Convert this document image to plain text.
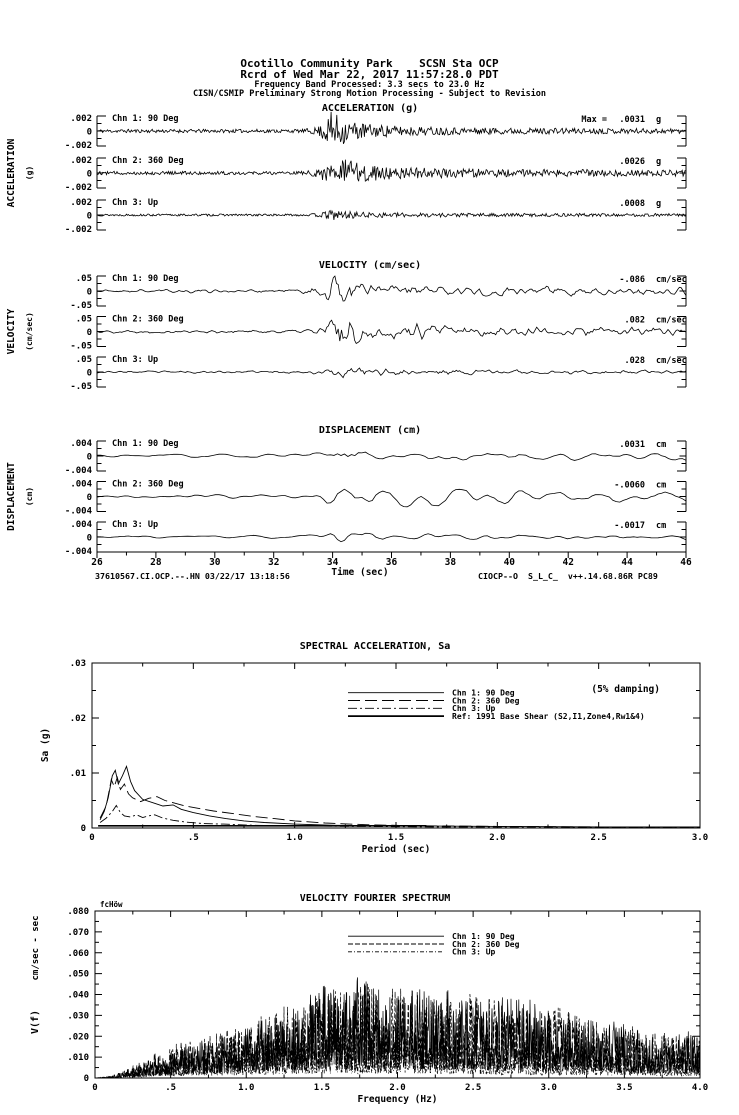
Ocotillo Community Park    SCSN Sta OCP
Rcrd of Wed Mar 22, 2017 11:57:28.0 PDT
Frequency Band Processed: 3.3 secs to 23.0 Hz
CISN/CSMIP Preliminary Strong Motion Processing - Subject to Revision
ACCELERATION (g)
ACCELERATION (g)
.002
0
-.002
Chn 1: 90 Deg	Max = .0031 g
.002
0
-.002
Chn 2: 360 Deg	.0026 g
.002
0
-.002
Chn 3: Up	.0008 g
VELOCITY (cm/sec)
VELOCITY (cm/sec)
.05
0
-.05
Chn 1: 90 Deg	-.086 cm/sec
.05
0
-.05
Chn 2: 360 Deg	.082 cm/sec
.05
0
-.05
Chn 3: Up	.028 cm/sec
DISPLACEMENT (cm)
DISPLACEMENT (cm)
.004
0
-.004
Chn 1: 90 Deg	.0031 cm
.004
0
-.004
Chn 2: 360 Deg	-.0060 cm
.004
0
-.004
Chn 3: Up	-.0017 cm
26	28	30	32	34	36	38	40	42	44	46
Time (sec)
37610567.CI.OCP.--.HN 03/22/17 13:18:56	CIOCP--O  S_L_C_  v++.14.68.86R PC89
SPECTRAL ACCELERATION, Sa
.03
.02
.01
0
0	.5	1.0	1.5	2.0	2.5	3.0
Period (sec)
Chn 1: 90 Deg
Chn 2: 360 Deg
Chn 3: Up
Ref: 1991 Base Shear (S2,I1,Zone4,Rw1&4)
Sa (g)
(5% damping)
VELOCITY FOURIER SPECTRUM
.080
.070
.060
.050
.040
.030
.020
.010
0
0	.5	1.0	1.5	2.0	2.5	3.0	3.5	4.0
Frequency (Hz)
Chn 1: 90 Deg
Chn 2: 360 Deg
Chn 3: Up
fcHöw
cm/sec - sec
V(f)
